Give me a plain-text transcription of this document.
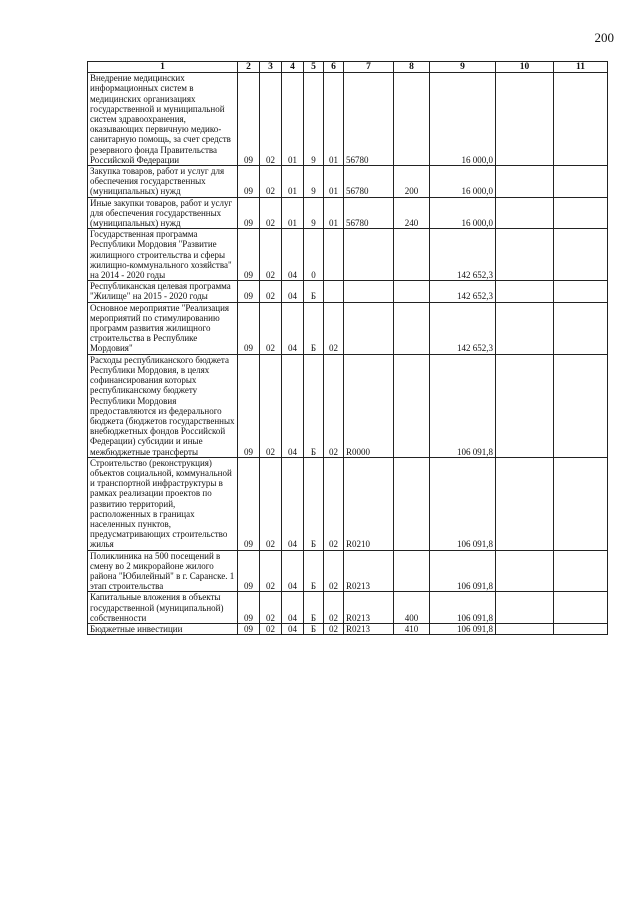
200
1	2	3	4	5	6	7	8	9	10	11
Внедрение медицинских информационных систем в медицинских организациях государственной и муниципальной систем здравоохранения, оказывающих первичную медико-санитарную помощь, за счет средств резервного фонда Правительства Российской Федерации	09	02	01	9	01	56780		16 000,0		
Закупка товаров, работ и услуг для обеспечения государственных (муниципальных) нужд	09	02	01	9	01	56780	200	16 000,0		
Иные закупки товаров, работ и услуг для обеспечения государственных (муниципальных) нужд	09	02	01	9	01	56780	240	16 000,0		
Государственная программа Республики Мордовия "Развитие жилищного строительства и сферы жилищно-коммунального хозяйства" на 2014 - 2020 годы	09	02	04	0				142 652,3		
Республиканская целевая программа "Жилище" на 2015 - 2020 годы	09	02	04	Б				142 652,3		
Основное мероприятие "Реализация мероприятий по стимулированию программ развития жилищного строительства в Республике Мордовия"	09	02	04	Б	02			142 652,3		
Расходы республиканского бюджета Республики Мордовия, в целях софинансирования которых республиканскому бюджету Республики Мордовия предоставляются из федерального бюджета (бюджетов государственных внебюджетных фондов Российской Федерации) субсидии и иные межбюджетные трансферты	09	02	04	Б	02	R0000		106 091,8		
Строительство (реконструкция) объектов социальной, коммунальной и транспортной инфраструктуры в рамках реализации проектов по развитию территорий, расположенных в границах населенных пунктов, предусматривающих строительство жилья	09	02	04	Б	02	R0210		106 091,8		
Поликлиника на 500 посещений в смену во 2 микрорайоне жилого района "Юбилейный" в г. Саранске. 1 этап строительства	09	02	04	Б	02	R0213		106 091,8		
Капитальные вложения в объекты государственной (муниципальной) собственности	09	02	04	Б	02	R0213	400	106 091,8		
Бюджетные инвестиции	09	02	04	Б	02	R0213	410	106 091,8		
